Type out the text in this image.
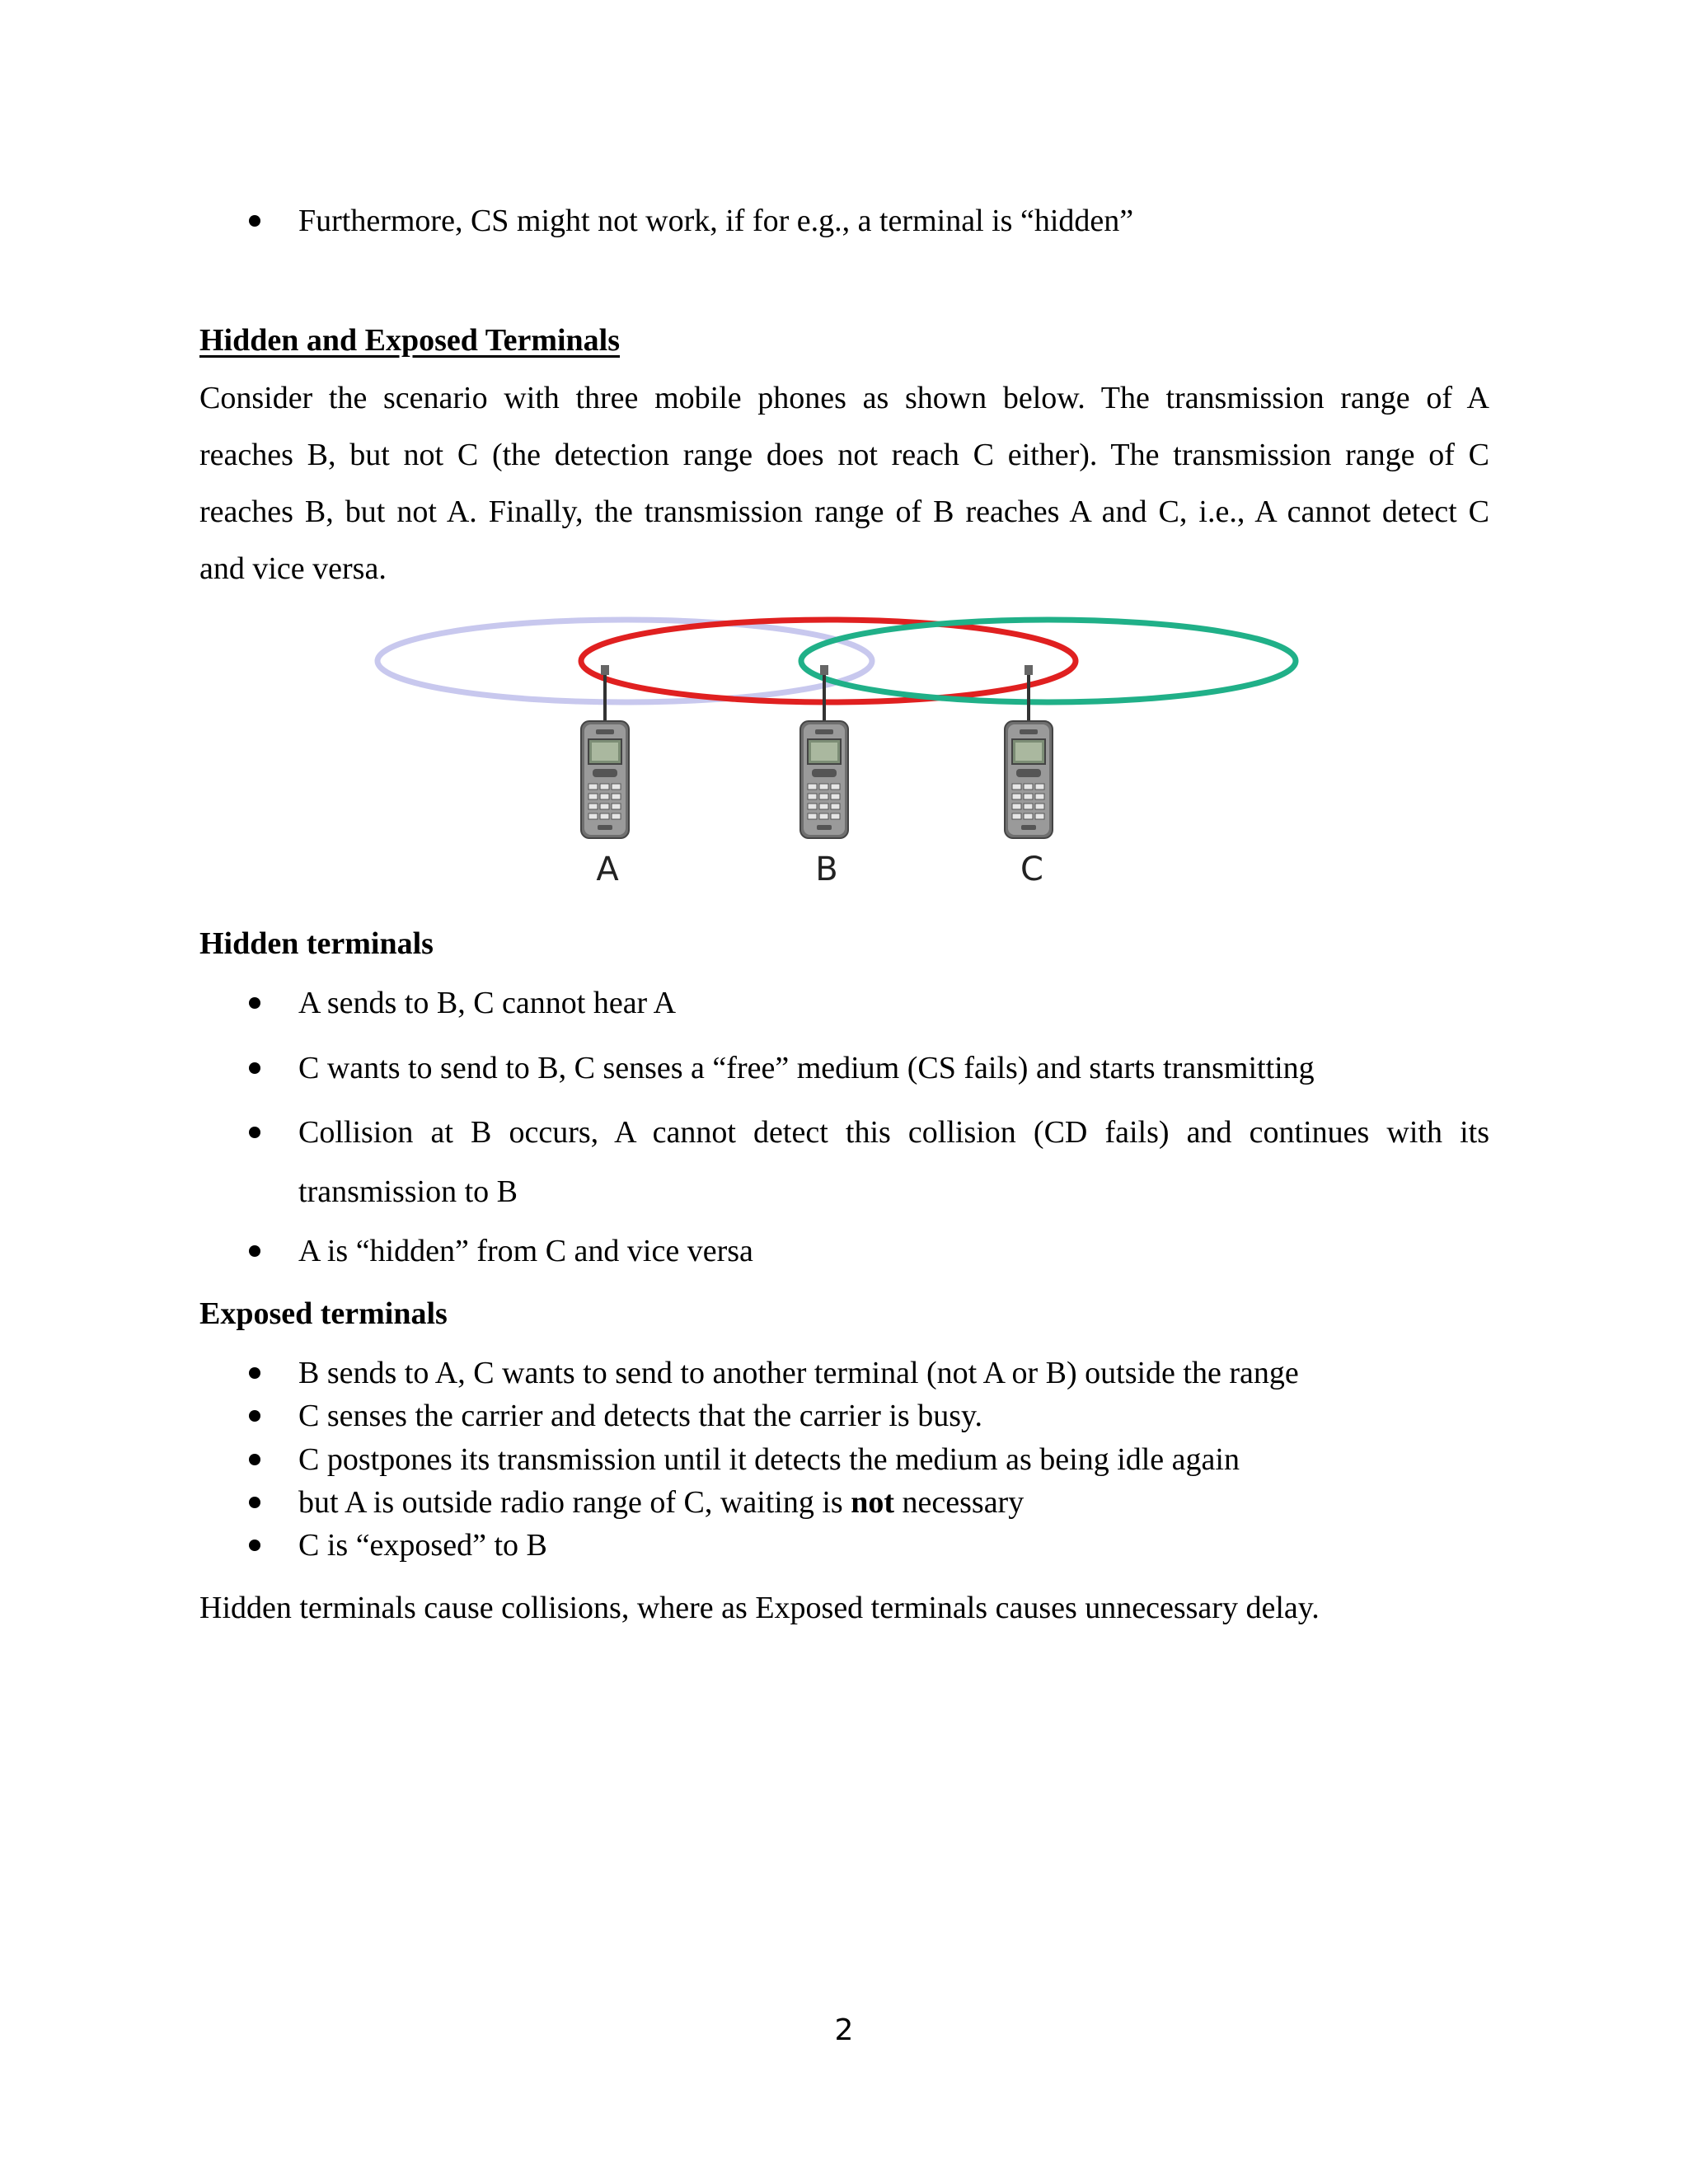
Furthermore, CS might not work, if for e.g., a terminal is “hidden”
Hidden and Exposed Terminals
Consider the scenario with three mobile phones as shown below. The transmission range of A
reaches B, but not C (the detection range does not reach C either). The transmission range of C
reaches B, but not A. Finally, the transmission range of B reaches A and C, i.e., A cannot detect C
and vice versa.
A	B	C
Hidden terminals
A sends to B, C cannot hear A
C wants to send to B, C senses a “free” medium (CS fails) and starts transmitting
Collision at B occurs, A cannot detect this collision (CD fails) and continues with its
transmission to B
A is “hidden” from C and vice versa
Exposed terminals
B sends to A, C wants to send to another terminal (not A or B) outside the range
C senses the carrier and detects that the carrier is busy.
C postpones its transmission until it detects the medium as being idle again
but A is outside radio range of C, waiting is not necessary
C is “exposed” to B
Hidden terminals cause collisions, where as Exposed terminals causes unnecessary delay.
2
